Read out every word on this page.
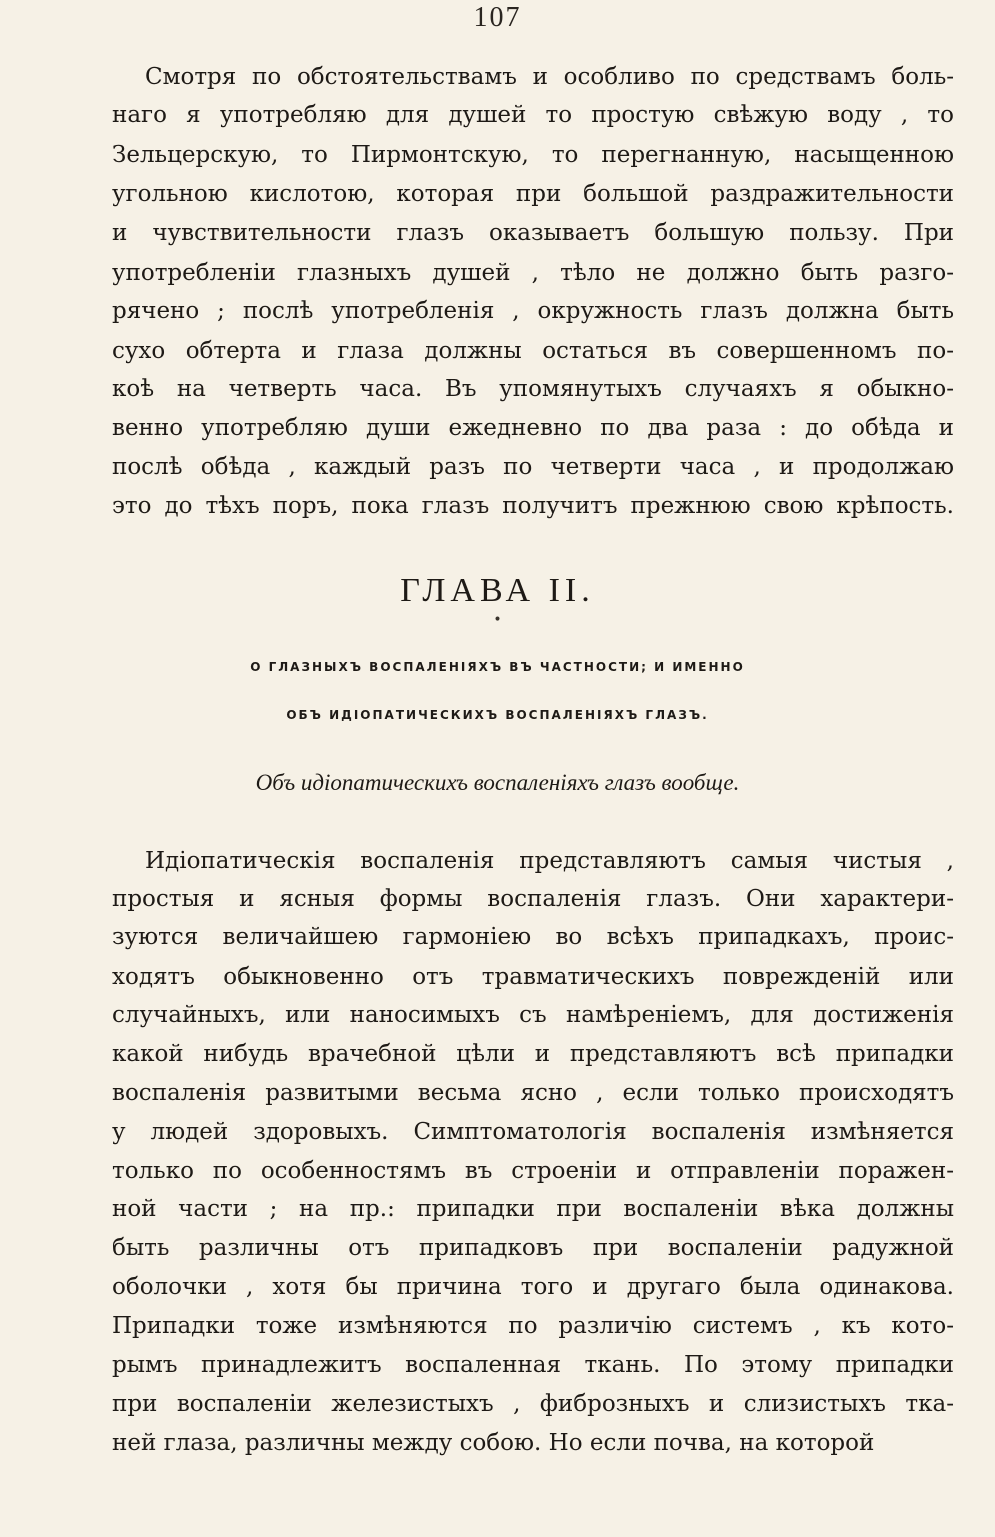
107
Смотря по обстоятельствамъ и особливо по средствамъ боль-
наго я употребляю для душей то простую свѣжую воду , то
Зельцерскую, то Пирмонтскую, то перегнанную, насыщенною
угольною кислотою, которая при большой раздражительности
и чувствительности глазъ оказываетъ большую пользу. При
употребленіи глазныхъ душей , тѣло не должно быть разго-
рячено ; послѣ употребленія , окружность глазъ должна быть
сухо обтерта и глаза должны остаться въ совершенномъ по-
коѣ на четверть часа. Въ упомянутыхъ случаяхъ я обыкно-
венно употребляю души ежедневно по два раза : до обѣда и
послѣ обѣда , каждый разъ по четверти часа , и продолжаю
это до тѣхъ поръ, пока глазъ получитъ прежнюю свою крѣпость.
ГЛАВА II.
•
О ГЛАЗНЫХЪ ВОСПАЛЕНІЯХЪ ВЪ ЧАСТНОСТИ; И ИМЕННО
ОБЪ ИДІОПАТИЧЕСКИХЪ ВОСПАЛЕНІЯХЪ ГЛАЗЪ.
Объ идіопатическихъ воспаленіяхъ глазъ вообще.
Идіопатическія воспаленія представляютъ самыя чистыя ,
простыя и ясныя формы воспаленія глазъ. Они характери-
зуются величайшею гармоніею во всѣхъ припадкахъ, проис-
ходятъ обыкновенно отъ травматическихъ поврежденій или
случайныхъ, или наносимыхъ съ намѣреніемъ, для достиженія
какой нибудь врачебной цѣли и представляютъ всѣ припадки
воспаленія развитыми весьма ясно , если только происходятъ
у людей здоровыхъ. Симптоматологія воспаленія измѣняется
только по особенностямъ въ строеніи и отправленіи поражен-
ной части ; на пр.: припадки при воспаленіи вѣка должны
быть различны отъ припадковъ при воспаленіи радужной
оболочки , хотя бы причина того и другаго была одинакова.
Припадки тоже измѣняются по различію системъ , къ кото-
рымъ принадлежитъ воспаленная ткань. По этому припадки
при воспаленіи железистыхъ , фиброзныхъ и слизистыхъ тка-
ней глаза, различны между собою. Но если почва, на которой
